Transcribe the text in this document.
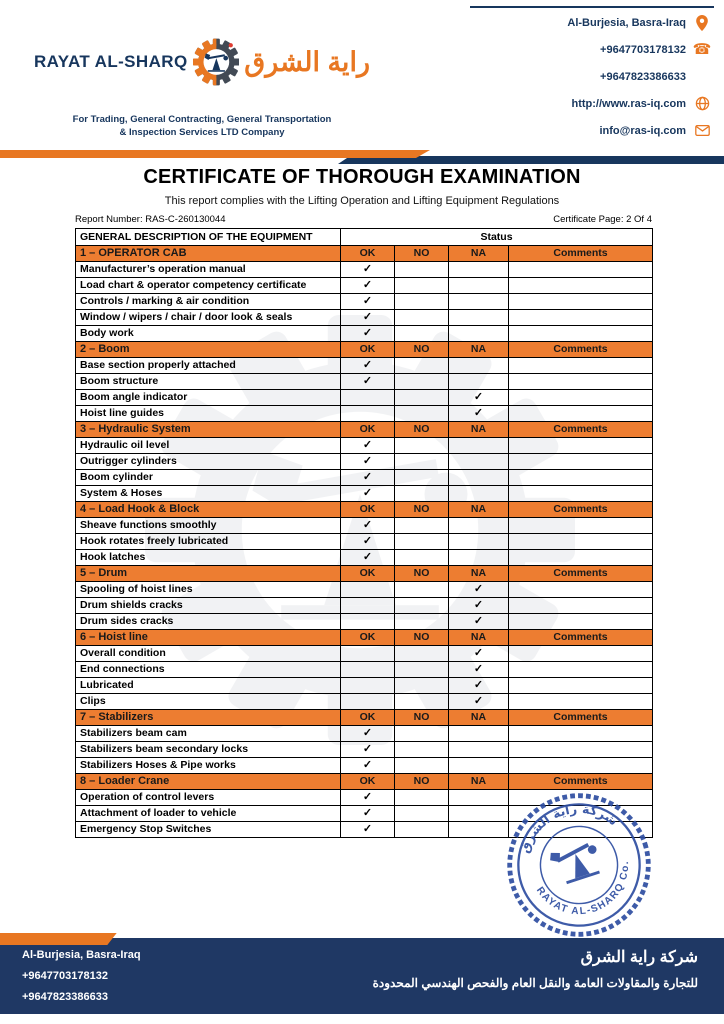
RAYAT AL-SHARQ راية الشرق
For Trading, General Contracting, General Transportation
& Inspection Services LTD Company
Al-Burjesia, Basra-Iraq
+9647703178132 ☎
+9647823386633
http://www.ras-iq.com
info@ras-iq.com
CERTIFICATE OF THOROUGH EXAMINATION
This report complies with the Lifting Operation and Lifting Equipment Regulations
Report Number: RAS-C-260130044	Certificate Page: 2 Of 4
GENERAL DESCRIPTION OF THE EQUIPMENT	Status			
1 – OPERATOR CAB	OK	NO	NA	Comments
Manufacturer’s operation manual	✓			
Load chart & operator competency certificate	✓			
Controls / marking & air condition	✓			
Window / wipers / chair / door look & seals	✓			
Body work	✓			
2 – Boom	OK	NO	NA	Comments
Base section properly attached	✓			
Boom structure	✓			
Boom angle indicator			✓	
Hoist line guides			✓	
3 – Hydraulic System	OK	NO	NA	Comments
Hydraulic oil level	✓			
Outrigger cylinders	✓			
Boom cylinder	✓			
System & Hoses	✓			
4 – Load Hook & Block	OK	NO	NA	Comments
Sheave functions smoothly	✓			
Hook rotates freely lubricated	✓			
Hook latches	✓			
5 – Drum	OK	NO	NA	Comments
Spooling of hoist lines			✓	
Drum shields cracks			✓	
Drum sides cracks			✓	
6 – Hoist line	OK	NO	NA	Comments
Overall condition			✓	
End connections			✓	
Lubricated			✓	
Clips			✓	
7 – Stabilizers	OK	NO	NA	Comments
Stabilizers beam cam	✓			
Stabilizers beam secondary locks	✓			
Stabilizers Hoses & Pipe works	✓			
8 – Loader Crane	OK	NO	NA	Comments
Operation of control levers	✓			
Attachment of loader to vehicle	✓			
Emergency Stop Switches	✓			
شركة راية الشرق
RAYAT AL-SHARQ Co.
Al-Burjesia, Basra-Iraq
+9647703178132
+9647823386633
شركة راية الشرق
للتجارة والمقاولات العامة والنقل العام والفحص الهندسي المحدودة
